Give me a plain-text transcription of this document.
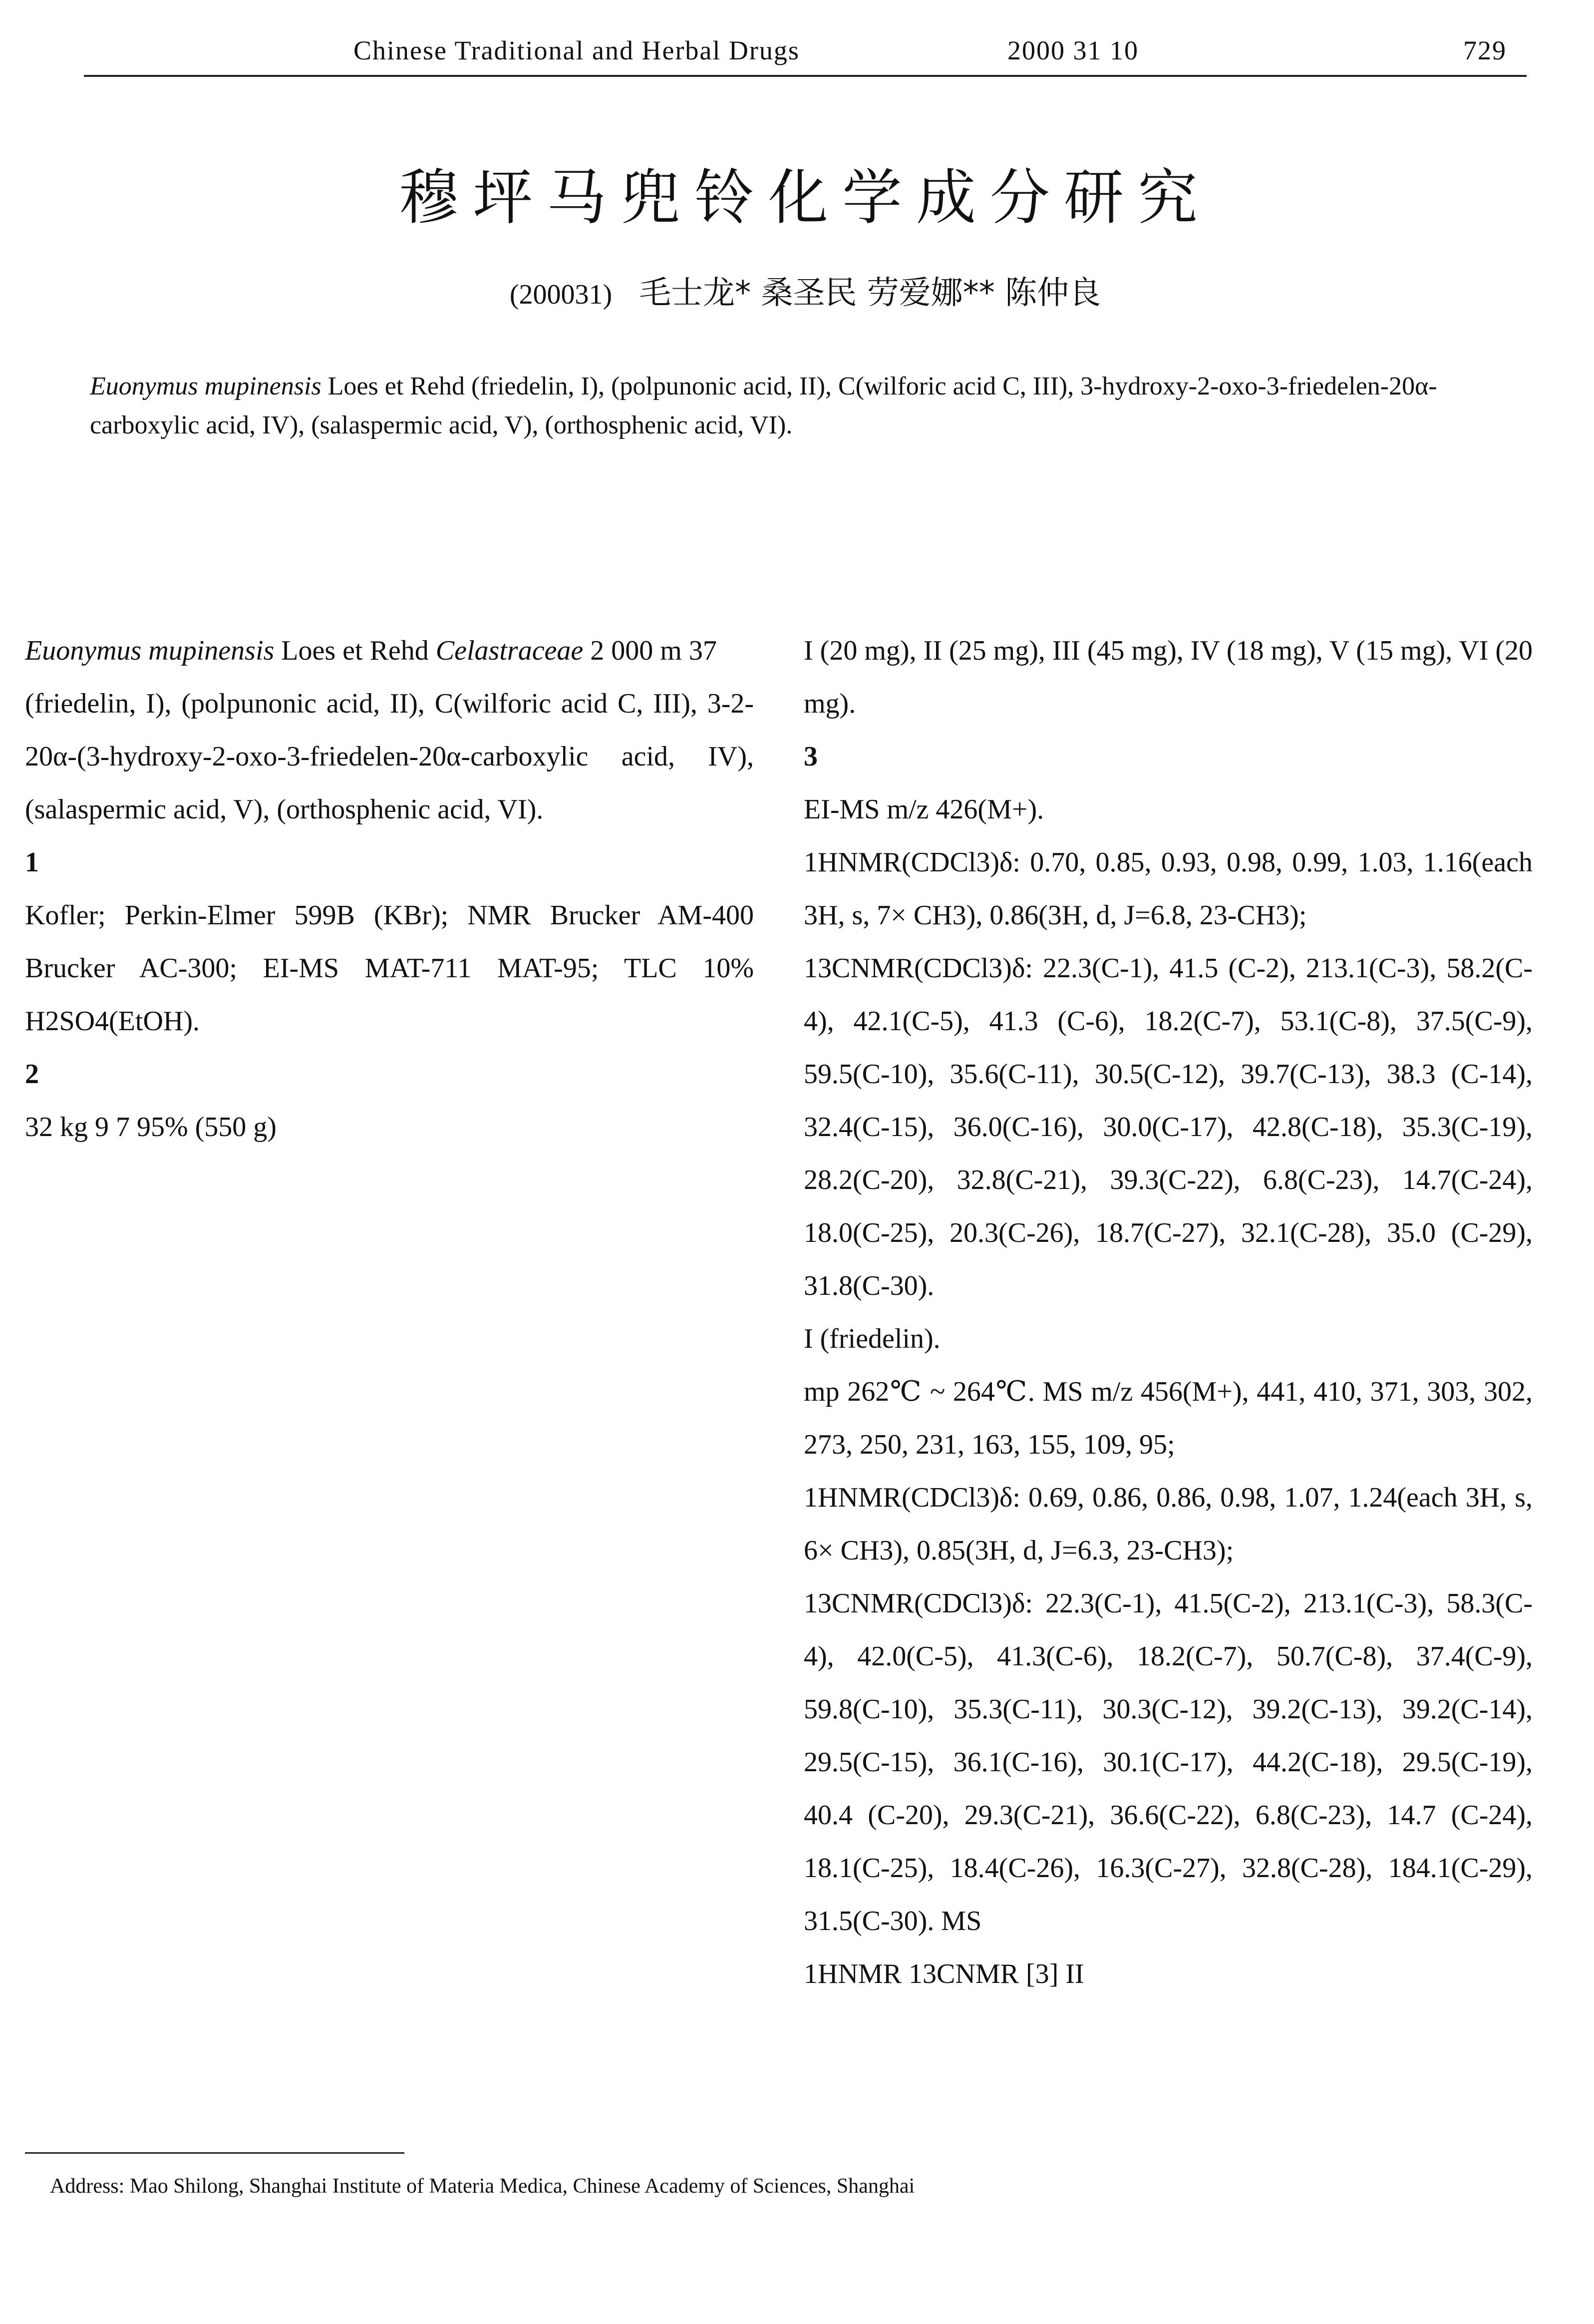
Chinese Traditional and Herbal Drugs	2000 31 10	729
穆坪马兜铃化学成分研究
(200031) 毛士龙* 桑圣民 劳爱娜** 陈仲良
Euonymus mupinensis Loes et Rehd (friedelin, I), (polpunonic acid, II), C(wilforic acid C, III), 3-hydroxy-2-oxo-3-friedelen-20α-carboxylic acid, IV), (salaspermic acid, V), (orthosphenic acid, VI).

Euonymus mupinensis Loes et Rehd Celastraceae 2 000 m 37

(friedelin, I), (polpunonic acid, II), C(wilforic acid C, III), 3-2-20α-(3-hydroxy-2-oxo-3-friedelen-20α-carboxylic acid, IV), (salaspermic acid, V), (orthosphenic acid, VI).

1

Kofler; Perkin-Elmer 599B (KBr); NMR Brucker AM-400 Brucker AC-300; EI-MS MAT-711 MAT-95; TLC 10% H2SO4(EtOH).

2

32 kg 9 7 95% (550 g)

I (20 mg), II (25 mg), III (45 mg), IV (18 mg), V (15 mg), VI (20 mg).

3

EI-MS m/z 426(M+).

1HNMR(CDCl3)δ: 0.70, 0.85, 0.93, 0.98, 0.99, 1.03, 1.16(each 3H, s, 7× CH3), 0.86(3H, d, J=6.8, 23-CH3);

13CNMR(CDCl3)δ: 22.3(C-1), 41.5 (C-2), 213.1(C-3), 58.2(C-4), 42.1(C-5), 41.3 (C-6), 18.2(C-7), 53.1(C-8), 37.5(C-9), 59.5(C-10), 35.6(C-11), 30.5(C-12), 39.7(C-13), 38.3 (C-14), 32.4(C-15), 36.0(C-16), 30.0(C-17), 42.8(C-18), 35.3(C-19), 28.2(C-20), 32.8(C-21), 39.3(C-22), 6.8(C-23), 14.7(C-24), 18.0(C-25), 20.3(C-26), 18.7(C-27), 32.1(C-28), 35.0 (C-29), 31.8(C-30).

I (friedelin).

mp 262℃ ~ 264℃. MS m/z 456(M+), 441, 410, 371, 303, 302, 273, 250, 231, 163, 155, 109, 95;

1HNMR(CDCl3)δ: 0.69, 0.86, 0.86, 0.98, 1.07, 1.24(each 3H, s, 6× CH3), 0.85(3H, d, J=6.3, 23-CH3);

13CNMR(CDCl3)δ: 22.3(C-1), 41.5(C-2), 213.1(C-3), 58.3(C-4), 42.0(C-5), 41.3(C-6), 18.2(C-7), 50.7(C-8), 37.4(C-9), 59.8(C-10), 35.3(C-11), 30.3(C-12), 39.2(C-13), 39.2(C-14), 29.5(C-15), 36.1(C-16), 30.1(C-17), 44.2(C-18), 29.5(C-19), 40.4 (C-20), 29.3(C-21), 36.6(C-22), 6.8(C-23), 14.7 (C-24), 18.1(C-25), 18.4(C-26), 16.3(C-27), 32.8(C-28), 184.1(C-29), 31.5(C-30). MS

1HNMR 13CNMR [3] II

Address: Mao Shilong, Shanghai Institute of Materia Medica, Chinese Academy of Sciences, Shanghai
